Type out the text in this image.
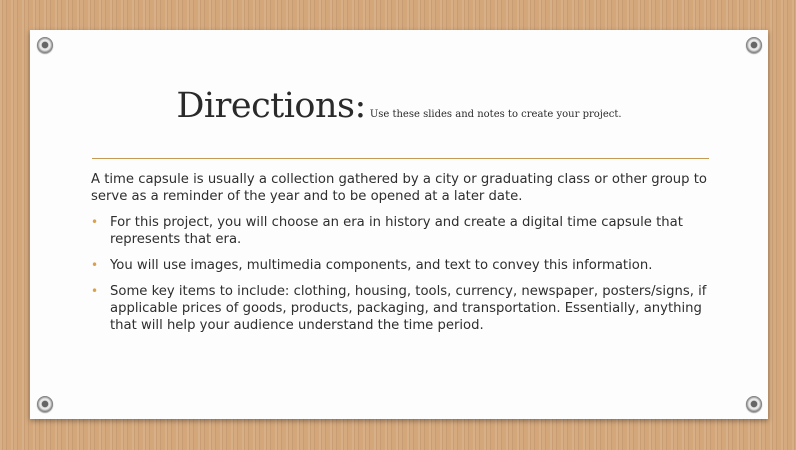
Directions: Use these slides and notes to create your project.

A time capsule is usually a collection gathered by a city or graduating class or other group to serve as a reminder of the year and to be opened at a later date.

• For this project, you will choose an era in history and create a digital time capsule that represents that era.
• You will use images, multimedia components, and text to convey this information.
• Some key items to include: clothing, housing, tools, currency, newspaper, posters/signs, if applicable prices of goods, products, packaging, and transportation. Essentially, anything that will help your audience understand the time period.
